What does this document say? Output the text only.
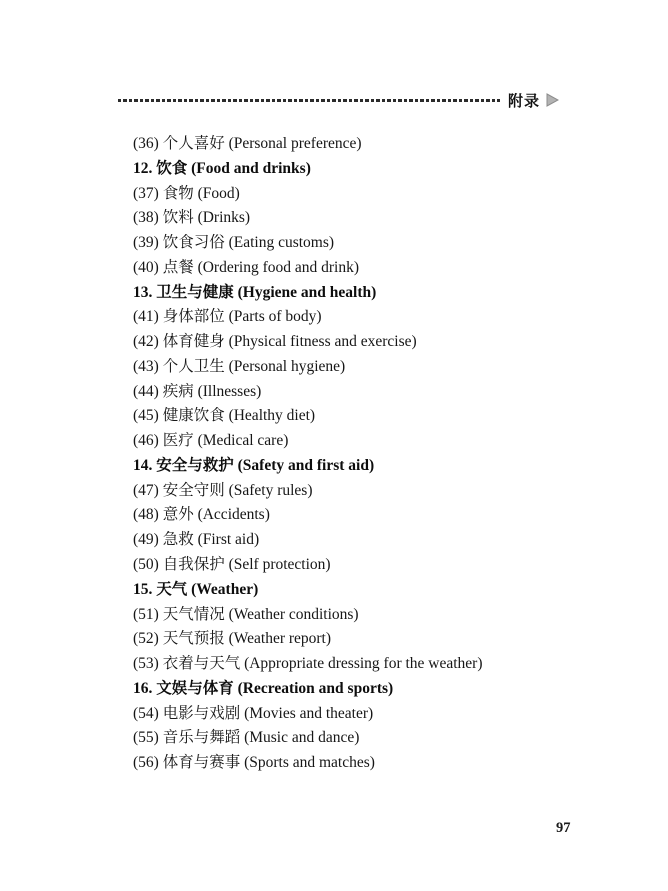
附录
(36) 个人喜好 (Personal preference)
12. 饮食 (Food and drinks)
(37) 食物 (Food)
(38) 饮料 (Drinks)
(39) 饮食习俗 (Eating customs)
(40) 点餐 (Ordering food and drink)
13. 卫生与健康 (Hygiene and health)
(41) 身体部位 (Parts of body)
(42) 体育健身 (Physical fitness and exercise)
(43) 个人卫生 (Personal hygiene)
(44) 疾病 (Illnesses)
(45) 健康饮食 (Healthy diet)
(46) 医疗 (Medical care)
14. 安全与救护 (Safety and first aid)
(47) 安全守则 (Safety rules)
(48) 意外 (Accidents)
(49) 急救 (First aid)
(50) 自我保护 (Self protection)
15. 天气 (Weather)
(51) 天气情况 (Weather conditions)
(52) 天气预报 (Weather report)
(53) 衣着与天气 (Appropriate dressing for the weather)
16. 文娱与体育 (Recreation and sports)
(54) 电影与戏剧 (Movies and theater)
(55) 音乐与舞蹈 (Music and dance)
(56) 体育与赛事 (Sports and matches)
97
